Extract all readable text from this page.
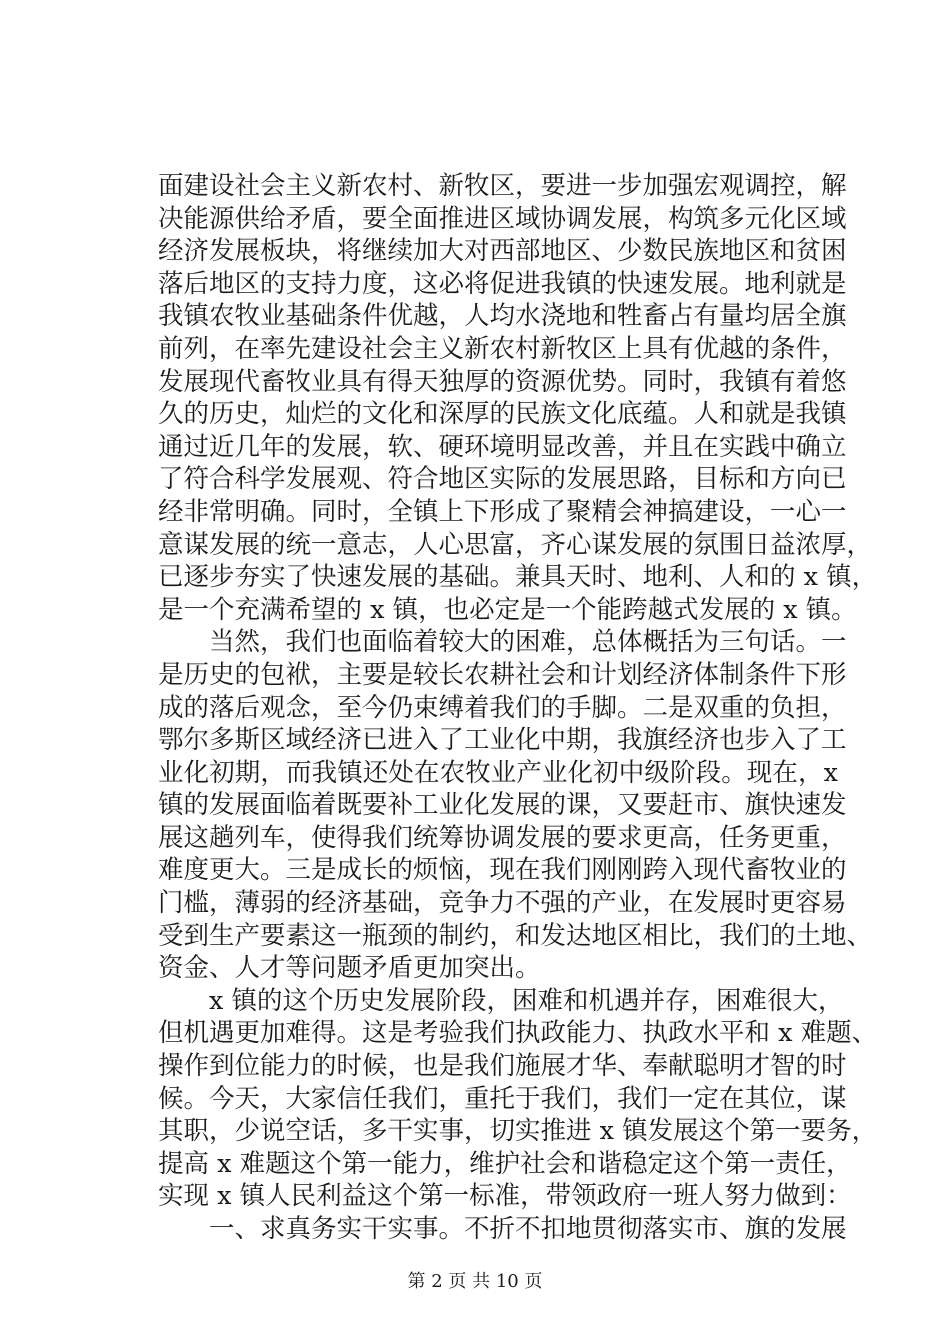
面建设社会主义新农村、新牧区，要进一步加强宏观调控，解
决能源供给矛盾，要全面推进区域协调发展，构筑多元化区域
经济发展板块，将继续加大对西部地区、少数民族地区和贫困
落后地区的支持力度，这必将促进我镇的快速发展。地利就是
我镇农牧业基础条件优越，人均水浇地和牲畜占有量均居全旗
前列，在率先建设社会主义新农村新牧区上具有优越的条件，
发展现代畜牧业具有得天独厚的资源优势。同时，我镇有着悠
久的历史，灿烂的文化和深厚的民族文化底蕴。人和就是我镇
通过近几年的发展，软、硬环境明显改善，并且在实践中确立
了符合科学发展观、符合地区实际的发展思路，目标和方向已
经非常明确。同时，全镇上下形成了聚精会神搞建设，一心一
意谋发展的统一意志，人心思富，齐心谋发展的氛围日益浓厚，
已逐步夯实了快速发展的基础。兼具天时、地利、人和的 x 镇，
是一个充满希望的 x 镇，也必定是一个能跨越式发展的 x 镇。
　　当然，我们也面临着较大的困难，总体概括为三句话。一
是历史的包袱，主要是较长农耕社会和计划经济体制条件下形
成的落后观念，至今仍束缚着我们的手脚。二是双重的负担，
鄂尔多斯区域经济已进入了工业化中期，我旗经济也步入了工
业化初期，而我镇还处在农牧业产业化初中级阶段。现在，x
镇的发展面临着既要补工业化发展的课，又要赶市、旗快速发
展这趟列车，使得我们统筹协调发展的要求更高，任务更重，
难度更大。三是成长的烦恼，现在我们刚刚跨入现代畜牧业的
门槛，薄弱的经济基础，竞争力不强的产业，在发展时更容易
受到生产要素这一瓶颈的制约，和发达地区相比，我们的土地、
资金、人才等问题矛盾更加突出。
　　x 镇的这个历史发展阶段，困难和机遇并存，困难很大，
但机遇更加难得。这是考验我们执政能力、执政水平和 x 难题、
操作到位能力的时候，也是我们施展才华、奉献聪明才智的时
候。今天，大家信任我们，重托于我们，我们一定在其位，谋
其职，少说空话，多干实事，切实推进 x 镇发展这个第一要务，
提高 x 难题这个第一能力，维护社会和谐稳定这个第一责任，
实现 x 镇人民利益这个第一标准，带领政府一班人努力做到：
　　一、求真务实干实事。不折不扣地贯彻落实市、旗的发展
第 2 页 共 10 页
